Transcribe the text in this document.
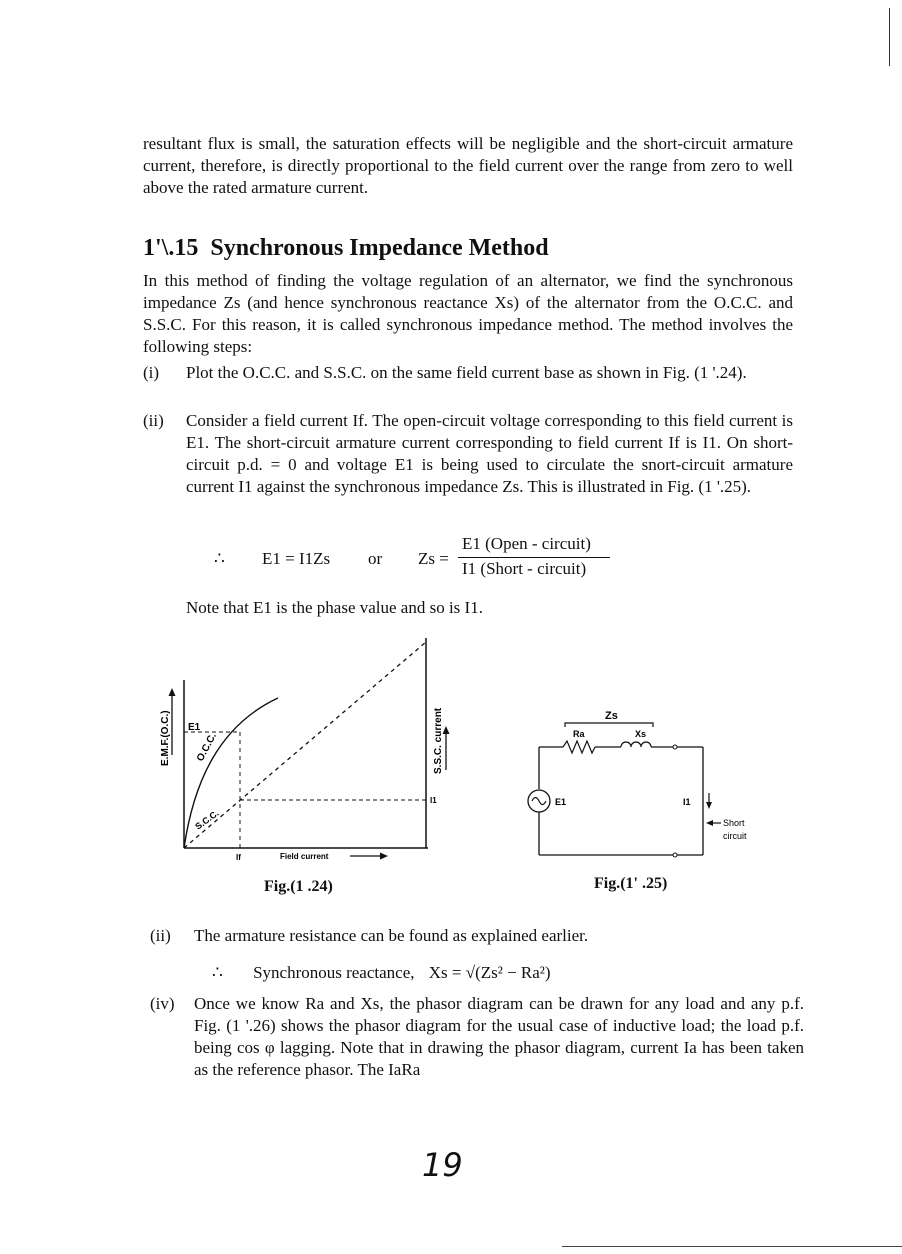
resultant flux is small, the saturation effects will be negligible and the short-circuit armature current, therefore, is directly proportional to the field current over the range from zero to well above the rated armature current.
1'\.15 Synchronous Impedance Method
In this method of finding the voltage regulation of an alternator, we find the synchronous impedance Zs (and hence synchronous reactance Xs) of the alternator from the O.C.C. and S.S.C. For this reason, it is called synchronous impedance method. The method involves the following steps:
(i) Plot the O.C.C. and S.S.C. on the same field current base as shown in Fig. (1 '.24).
(ii) Consider a field current If. The open-circuit voltage corresponding to this field current is E1. The short-circuit armature current corresponding to field current If is I1. On short-circuit p.d. = 0 and voltage E1 is being used to circulate the snort-circuit armature current I1 against the synchronous impedance Zs. This is illustrated in Fig. (1 '.25).
∴ E1 = I1Zs or Zs =
E1 (Open - circuit)
I1 (Short - circuit)
Note that E1 is the phase value and so is I1.
E.M.F.(O.C.)	S.S.C. current
E1
I1
If	Field current
O.C.C.
S.C.C.
Fig.(1 .24)
Zs
Ra	Xs
E1	I1
Short
circuit
Fig.(1' .25)
(ii) The armature resistance can be found as explained earlier.
∴ Synchronous reactance, Xs = √(Zs² − Ra²)
(iv) Once we know Ra and Xs, the phasor diagram can be drawn for any load and any p.f. Fig. (1 '.26) shows the phasor diagram for the usual case of inductive load; the load p.f. being cos φ lagging. Note that in drawing the phasor diagram, current Ia has been taken as the reference phasor. The IaRa
19
